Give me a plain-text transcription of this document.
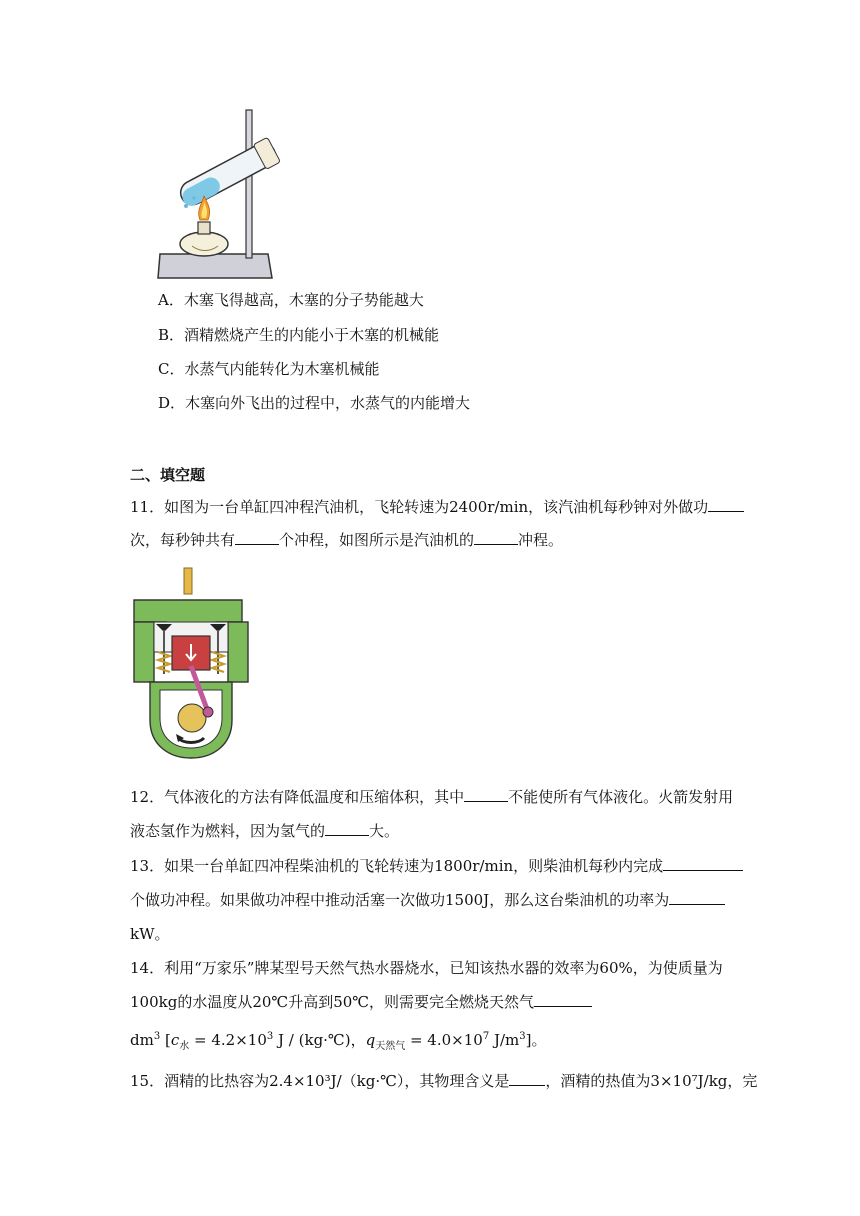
A．木塞飞得越高，木塞的分子势能越大
B．酒精燃烧产生的内能小于木塞的机械能
C．水蒸气内能转化为木塞机械能
D．木塞向外飞出的过程中，水蒸气的内能增大
二、填空题
11．如图为一台单缸四冲程汽油机，飞轮转速为2400r/min，该汽油机每秒钟对外做功
次，每秒钟共有	个冲程，如图所示是汽油机的	冲程。
12．气体液化的方法有降低温度和压缩体积，其中	不能使所有气体液化。火箭发射用
液态氢作为燃料，因为氢气的	大。
13．如果一台单缸四冲程柴油机的飞轮转速为1800r/min，则柴油机每秒内完成
个做功冲程。如果做功冲程中推动活塞一次做功1500J，那么这台柴油机的功率为
kW。
14．利用“万家乐”牌某型号天然气热水器烧水，已知该热水器的效率为60%，为使质量为
100kg的水温度从20℃升高到50℃，则需要完全燃烧天然气
$dm^3$ [$c_水 = 4.2\times 10^3$ J / (kg·℃)，$q_{天然气} = 4.0\times 10^7$ $J/m^3$]。
15．酒精的比热容为2.4×10³J/（kg·℃），其物理含义是 ，酒精的热值为3×10⁷J/kg，完
